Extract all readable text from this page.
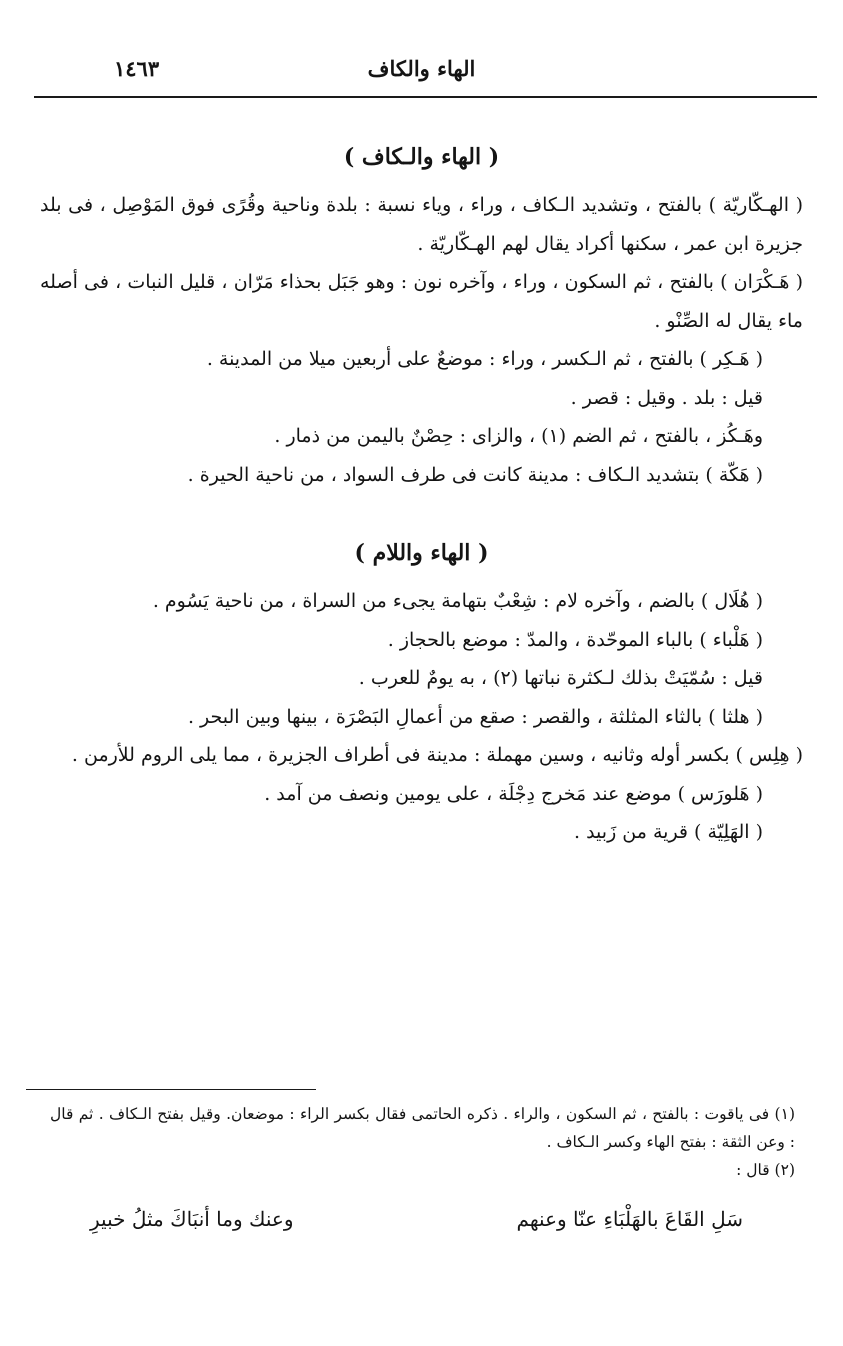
الهاء والكاف
١٤٦٣
( الهاء والـكاف )

( الهـكّاريّة ) بالفتح ، وتشديد الـكاف ، وراء ، وياء نسبة : بلدة وناحية وقُرًى فوق المَوْصِل ، فى بلد جزيرة ابن عمر ، سكنها أكراد يقال لهم الهـكّاريّة .

( هَـكْرَان ) بالفتح ، ثم السكون ، وراء ، وآخره نون : وهو جَبَل بحذاء مَرّان ، قليل النبات ، فى أصله ماء يقال له الصِّنْو .

( هَـكِر ) بالفتح ، ثم الـكسر ، وراء : موضعٌ على أربعين ميلا من المدينة .

قيل : بلد . وقيل : قصر .

وهَـكُز ، بالفتح ، ثم الضم (١) ، والزاى : حِصْنٌ باليمن من ذمار .

( هَكّة ) بتشديد الـكاف : مدينة كانت فى طرف السواد ، من ناحية الحيرة .

( الهاء واللام )

( هُلَال ) بالضم ، وآخره لام : شِعْبٌ بتهامة يجىء من السراة ، من ناحية يَسُوم .

( هَلْباء ) بالباء الموحّدة ، والمدّ : موضع بالحجاز .

قيل : سُمّيَتْ بذلك لـكثرة نباتها (٢) ، به يومٌ للعرب .

( هلثا ) بالثاء المثلثة ، والقصر : صقع من أعمالِ البَصْرَة ، بينها وبين البحر .

( هِلِس ) بكسر أوله وثانيه ، وسين مهملة : مدينة فى أطراف الجزيرة ، مما يلى الروم للأرمن .

( هَلورَس ) موضع عند مَخرج دِجْلَة ، على يومين ونصف من آمد .

( الهَلِيّة ) قرية من زَبيد .

(١) فى ياقوت : بالفتح ، ثم السكون ، والراء . ذكره الحاتمى فقال بكسر الراء : موضعان. وقيل بفتح الـكاف . ثم قال : وعن الثقة : بفتح الهاء وكسر الـكاف .

(٢) قال :

سَلِ القَاعَ بالهَلْبَاءِ عنّا وعنهم
وعنك وما أنبَاكَ مثلُ خبيرِ
